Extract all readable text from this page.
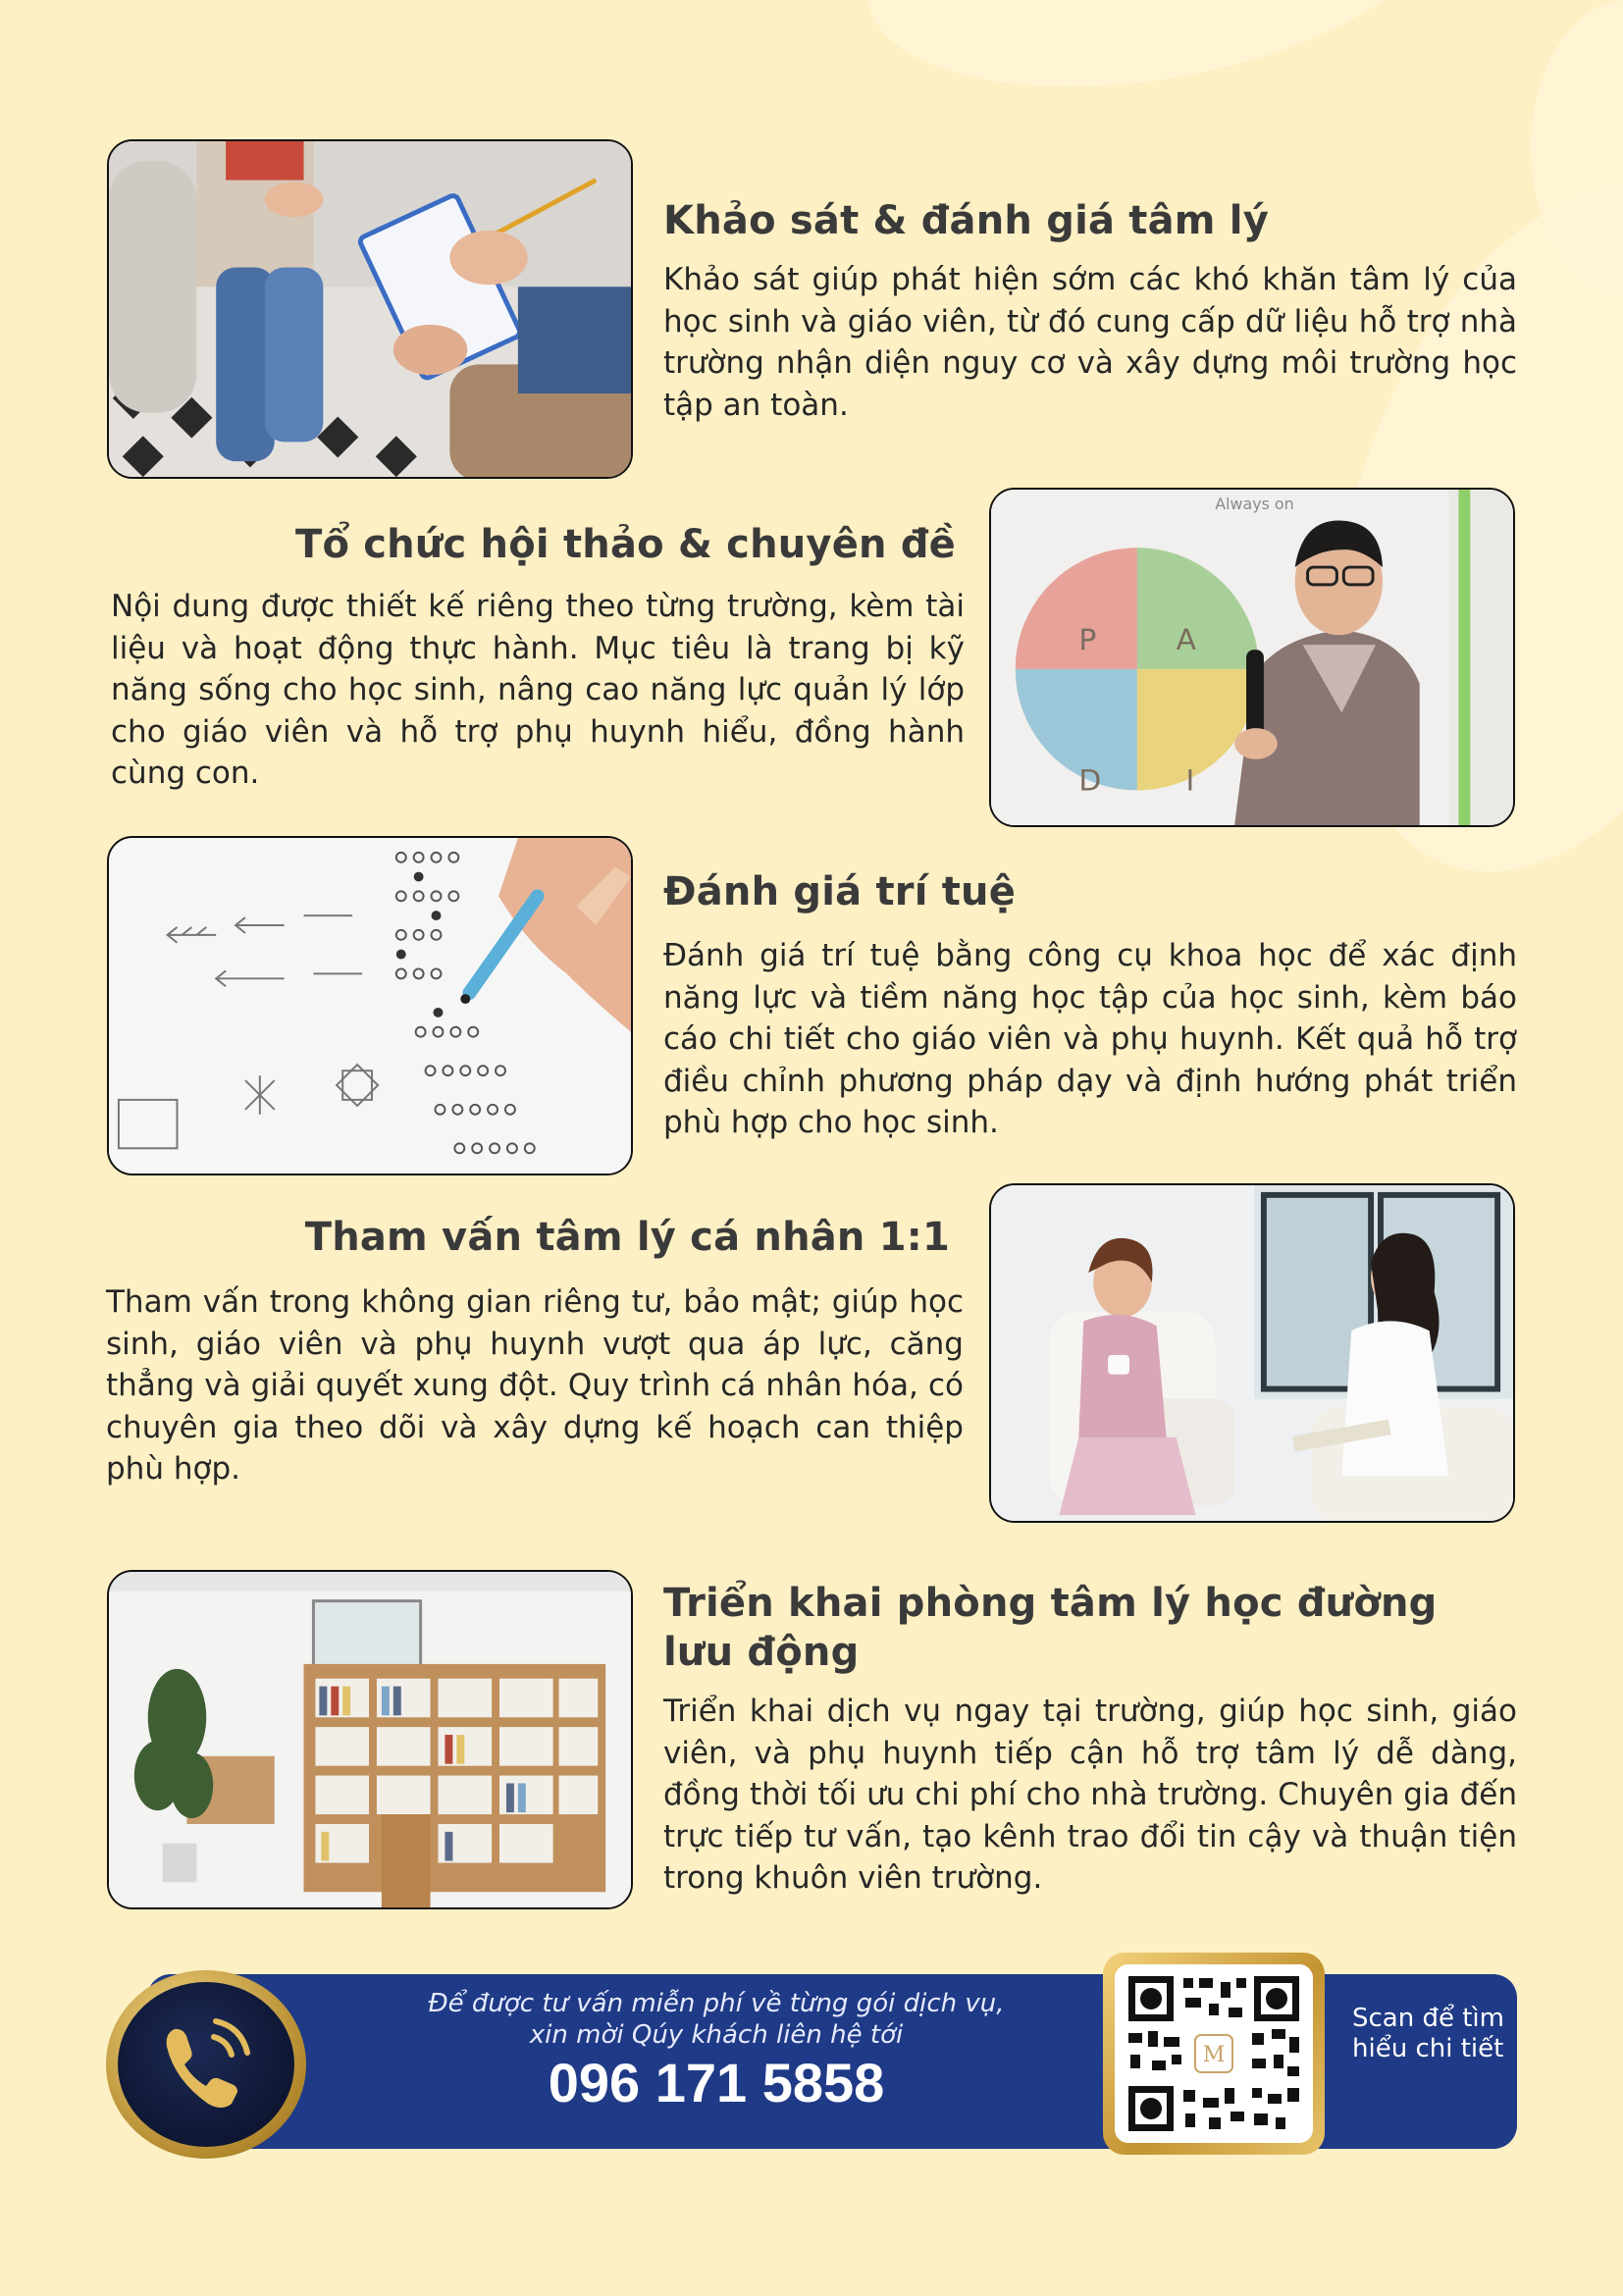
Khảo sát & đánh giá tâm lý

Khảo sát giúp phát hiện sớm các khó khăn tâm lý của học sinh và giáo viên, từ đó cung cấp dữ liệu hỗ trợ nhà trường nhận diện nguy cơ và xây dựng môi trường học tập an toàn.

Tổ chức hội thảo & chuyên đề

Nội dung được thiết kế riêng theo từng trường, kèm tài liệu và hoạt động thực hành. Mục tiêu là trang bị kỹ năng sống cho học sinh, nâng cao năng lực quản lý lớp cho giáo viên và hỗ trợ phụ huynh hiểu, đồng hành cùng con.

P	A
D	I
Always on
Đánh giá trí tuệ

Đánh giá trí tuệ bằng công cụ khoa học để xác định năng lực và tiềm năng học tập của học sinh, kèm báo cáo chi tiết cho giáo viên và phụ huynh. Kết quả hỗ trợ điều chỉnh phương pháp dạy và định hướng phát triển phù hợp cho học sinh.

Tham vấn tâm lý cá nhân 1:1

Tham vấn trong không gian riêng tư, bảo mật; giúp học sinh, giáo viên và phụ huynh vượt qua áp lực, căng thẳng và giải quyết xung đột. Quy trình cá nhân hóa, có chuyên gia theo dõi và xây dựng kế hoạch can thiệp phù hợp.

Triển khai phòng tâm lý học đường lưu động

Triển khai dịch vụ ngay tại trường, giúp học sinh, giáo viên, và phụ huynh tiếp cận hỗ trợ tâm lý dễ dàng, đồng thời tối ưu chi phí cho nhà trường. Chuyên gia đến trực tiếp tư vấn, tạo kênh trao đổi tin cậy và thuận tiện trong khuôn viên trường.

Để được tư vấn miễn phí về từng gói dịch vụ,

xin mời Qúy khách liên hệ tới

096 171 5858	M

Scan để tìm hiểu chi tiết
